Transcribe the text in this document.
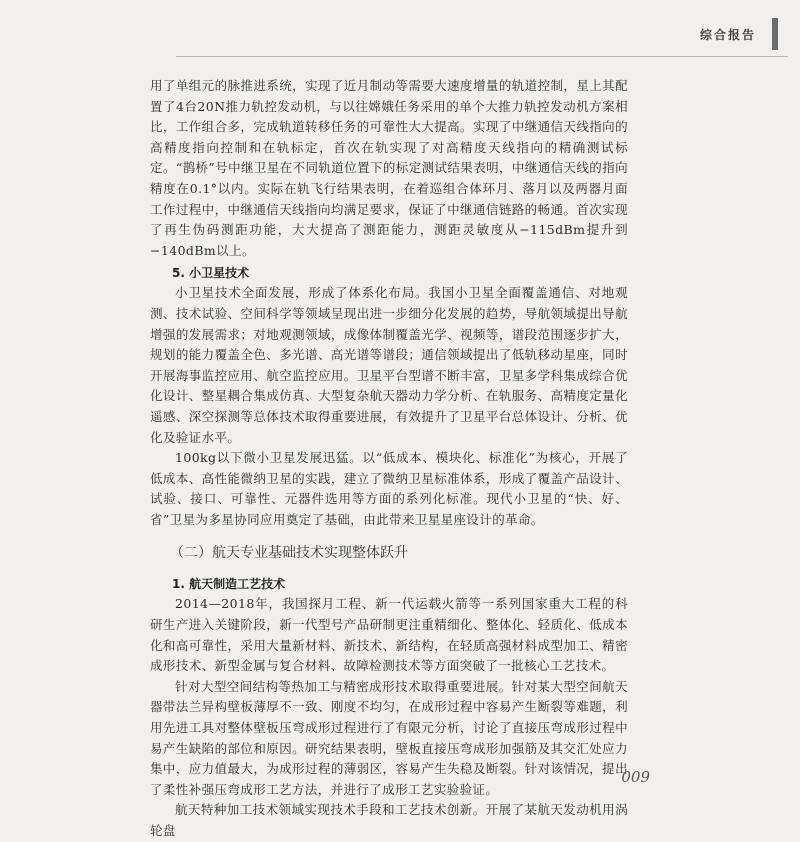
综合报告

用了单组元的脉推进系统，实现了近月制动等需要大速度增量的轨道控制，星上其配置了4台20N推力轨控发动机，与以往嫦娥任务采用的单个大推力轨控发动机方案相比，工作组合多，完成轨道转移任务的可靠性大大提高。实现了中继通信天线指向的高精度指向控制和在轨标定，首次在轨实现了对高精度天线指向的精确测试标定。“鹊桥”号中继卫星在不同轨道位置下的标定测试结果表明，中继通信天线的指向精度在0.1°以内。实际在轨飞行结果表明，在着巡组合体环月、落月以及两器月面工作过程中，中继通信天线指向均满足要求，保证了中继通信链路的畅通。首次实现了再生伪码测距功能，大大提高了测距能力，测距灵敏度从−115dBm提升到−140dBm以上。

5. 小卫星技术

小卫星技术全面发展，形成了体系化布局。我国小卫星全面覆盖通信、对地观测、技术试验、空间科学等领域呈现出进一步细分化发展的趋势，导航领域提出导航增强的发展需求；对地观测领域，成像体制覆盖光学、视频等，谱段范围逐步扩大，规划的能力覆盖全色、多光谱、高光谱等谱段；通信领域提出了低轨移动星座，同时开展海事监控应用、航空监控应用。卫星平台型谱不断丰富，卫星多学科集成综合优化设计、整星耦合集成仿真、大型复杂航天器动力学分析、在轨服务、高精度定量化遥感、深空探测等总体技术取得重要进展，有效提升了卫星平台总体设计、分析、优化及验证水平。

100kg以下微小卫星发展迅猛。以“低成本、模块化、标准化”为核心，开展了低成本、高性能微纳卫星的实践，建立了微纳卫星标准体系，形成了覆盖产品设计、试验、接口、可靠性、元器件选用等方面的系列化标准。现代小卫星的“快、好、省”卫星为多星协同应用奠定了基础，由此带来卫星星座设计的革命。

（二）航天专业基础技术实现整体跃升
1. 航天制造工艺技术

2014—2018年，我国探月工程、新一代运载火箭等一系列国家重大工程的科研生产进入关键阶段，新一代型号产品研制更注重精细化、整体化、轻质化、低成本化和高可靠性，采用大量新材料、新技术、新结构，在轻质高强材料成型加工、精密成形技术、新型金属与复合材料、故障检测技术等方面突破了一批核心工艺技术。

针对大型空间结构等热加工与精密成形技术取得重要进展。针对某大型空间航天器带法兰异构壁板薄厚不一致、刚度不均匀，在成形过程中容易产生断裂等难题，利用先进工具对整体壁板压弯成形过程进行了有限元分析，讨论了直接压弯成形过程中易产生缺陷的部位和原因。研究结果表明，壁板直接压弯成形加强筋及其交汇处应力集中，应力值最大，为成形过程的薄弱区，容易产生失稳及断裂。针对该情况，提出了柔性补强压弯成形工艺方法，并进行了成形工艺实验验证。

航天特种加工技术领域实现技术手段和工艺技术创新。开展了某航天发动机用涡轮盘

009
